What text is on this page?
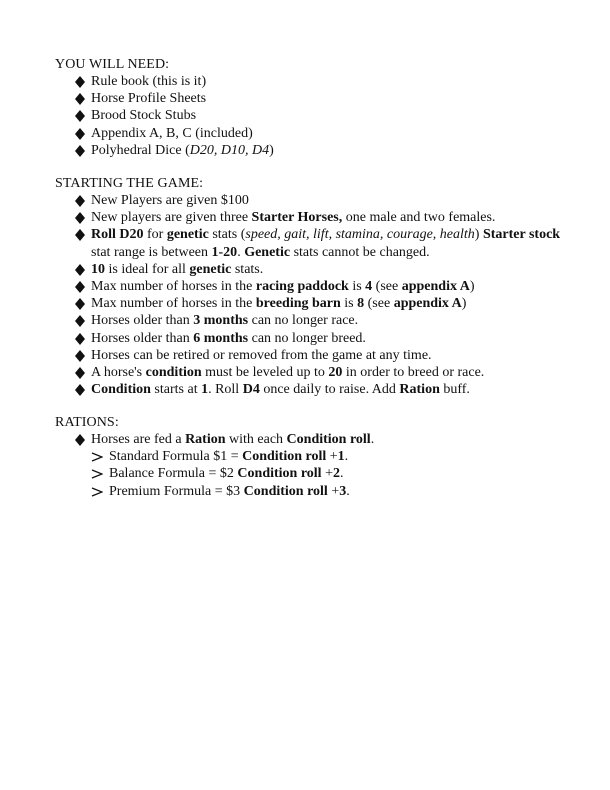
YOU WILL NEED:

Rule book (this is it)
Horse Profile Sheets
Brood Stock Stubs
Appendix A, B, C (included)
Polyhedral Dice (D20, D10, D4)

STARTING THE GAME:

New Players are given $100
New players are given three Starter Horses, one male and two females.
Roll D20 for genetic stats (speed, gait, lift, stamina, courage, health) Starter stock stat range is between 1-20. Genetic stats cannot be changed.
10 is ideal for all genetic stats.
Max number of horses in the racing paddock is 4 (see appendix A)
Max number of horses in the breeding barn is 8 (see appendix A)
Horses older than 3 months can no longer race.
Horses older than 6 months can no longer breed.
Horses can be retired or removed from the game at any time.
A horse's condition must be leveled up to 20 in order to breed or race.
Condition starts at 1. Roll D4 once daily to raise. Add Ration buff.

RATIONS:

Horses are fed a Ration with each Condition roll.
Standard Formula $1 = Condition roll +1.
Balance Formula = $2 Condition roll +2.
Premium Formula = $3 Condition roll +3.
